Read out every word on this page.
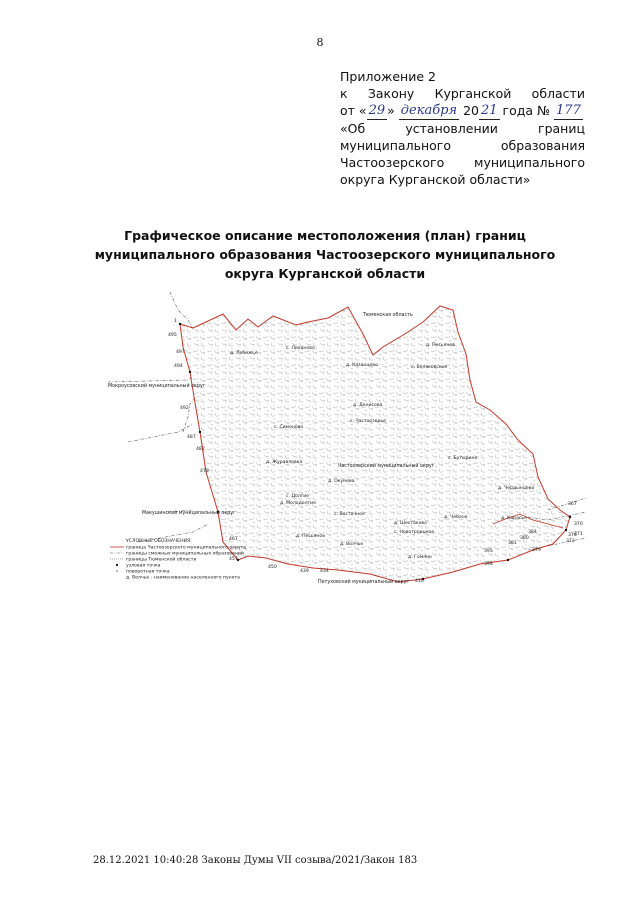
8
Приложение 2
к Закону Курганской области
от « 29 » декабря 20 21 года № 177
«Об	установлении	границ
муниципального	образования
Частоозерского муниципального
округа Курганской области»
Графическое описание местоположения (план) границ
муниципального образования Частоозерского муниципального
округа Курганской области
1
495
497
494
492
487
482
478
467
457
450
439 434
410
398
395
384
380
381
379
376
372
371
370
367
Тюменская область
Мокроусовский муниципальный округ
Частоозерский муниципальный округ
Макушинский муниципальный округ
Петуховский муниципальный округ
д. Лебяжье
с. Лиханово
д. Песьянов
д. Казанцево	с. Беляковское
д. Денисова
с. Частоозерье
с. Симоново
д. Журавлевка
с. Бутырино
д. Окунева
с. Долгие
д. Молодолгие
с. Восточное
д. Шестаково
с. Новотроицкое
д. Чебане
д. Чердынцево
д. Карасье
д. Песьяное
д. Волчье
д. Гомяно
УСЛОВНЫЕ ОБОЗНАЧЕНИЯ:
граница Частоозерского муниципального округа
границы смежных муниципальных образований
границы Тюменской области
узловая точка
поворотная точка
д. Волчье - наименование населенного пункта
28.12.2021 10:40:28 Законы Думы VII созыва/2021/Закон 183
